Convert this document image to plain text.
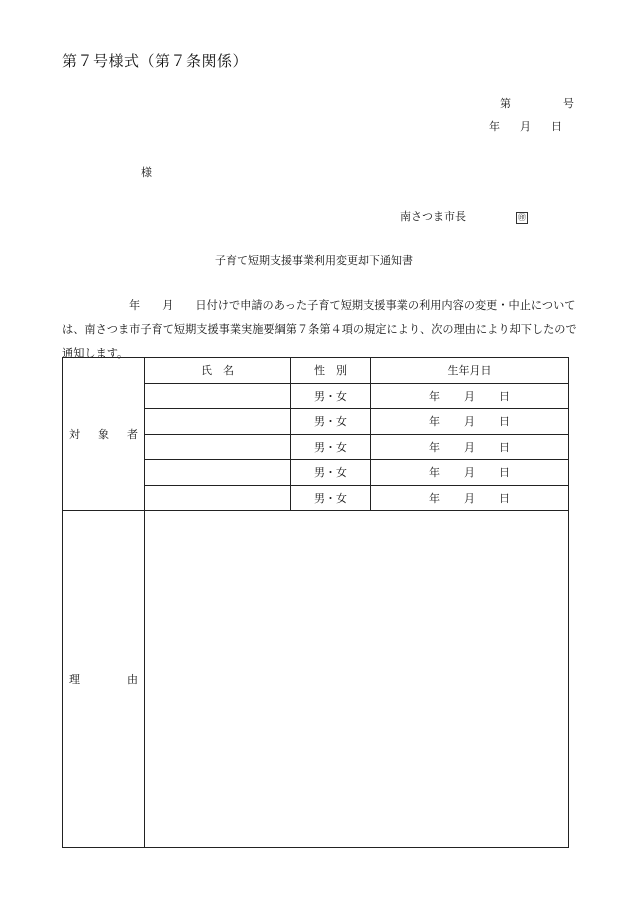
第７号様式（第７条関係）
第	号
年 月 日
様
南さつま市長	㊞
子育て短期支援事業利用変更却下通知書
年 月 日付けで申請のあった子育て短期支援事業の利用内容の変更・中止について
は、南さつま市子育て短期支援事業実施要綱第７条第４項の規定により、次の理由により却下したので
通知します。
対 象 者	氏　名	性　別	生年月日
		男・女	年 月 日

		男・女	年 月 日

		男・女	年 月 日

		男・女	年 月 日

		男・女	年 月 日

理 由			
